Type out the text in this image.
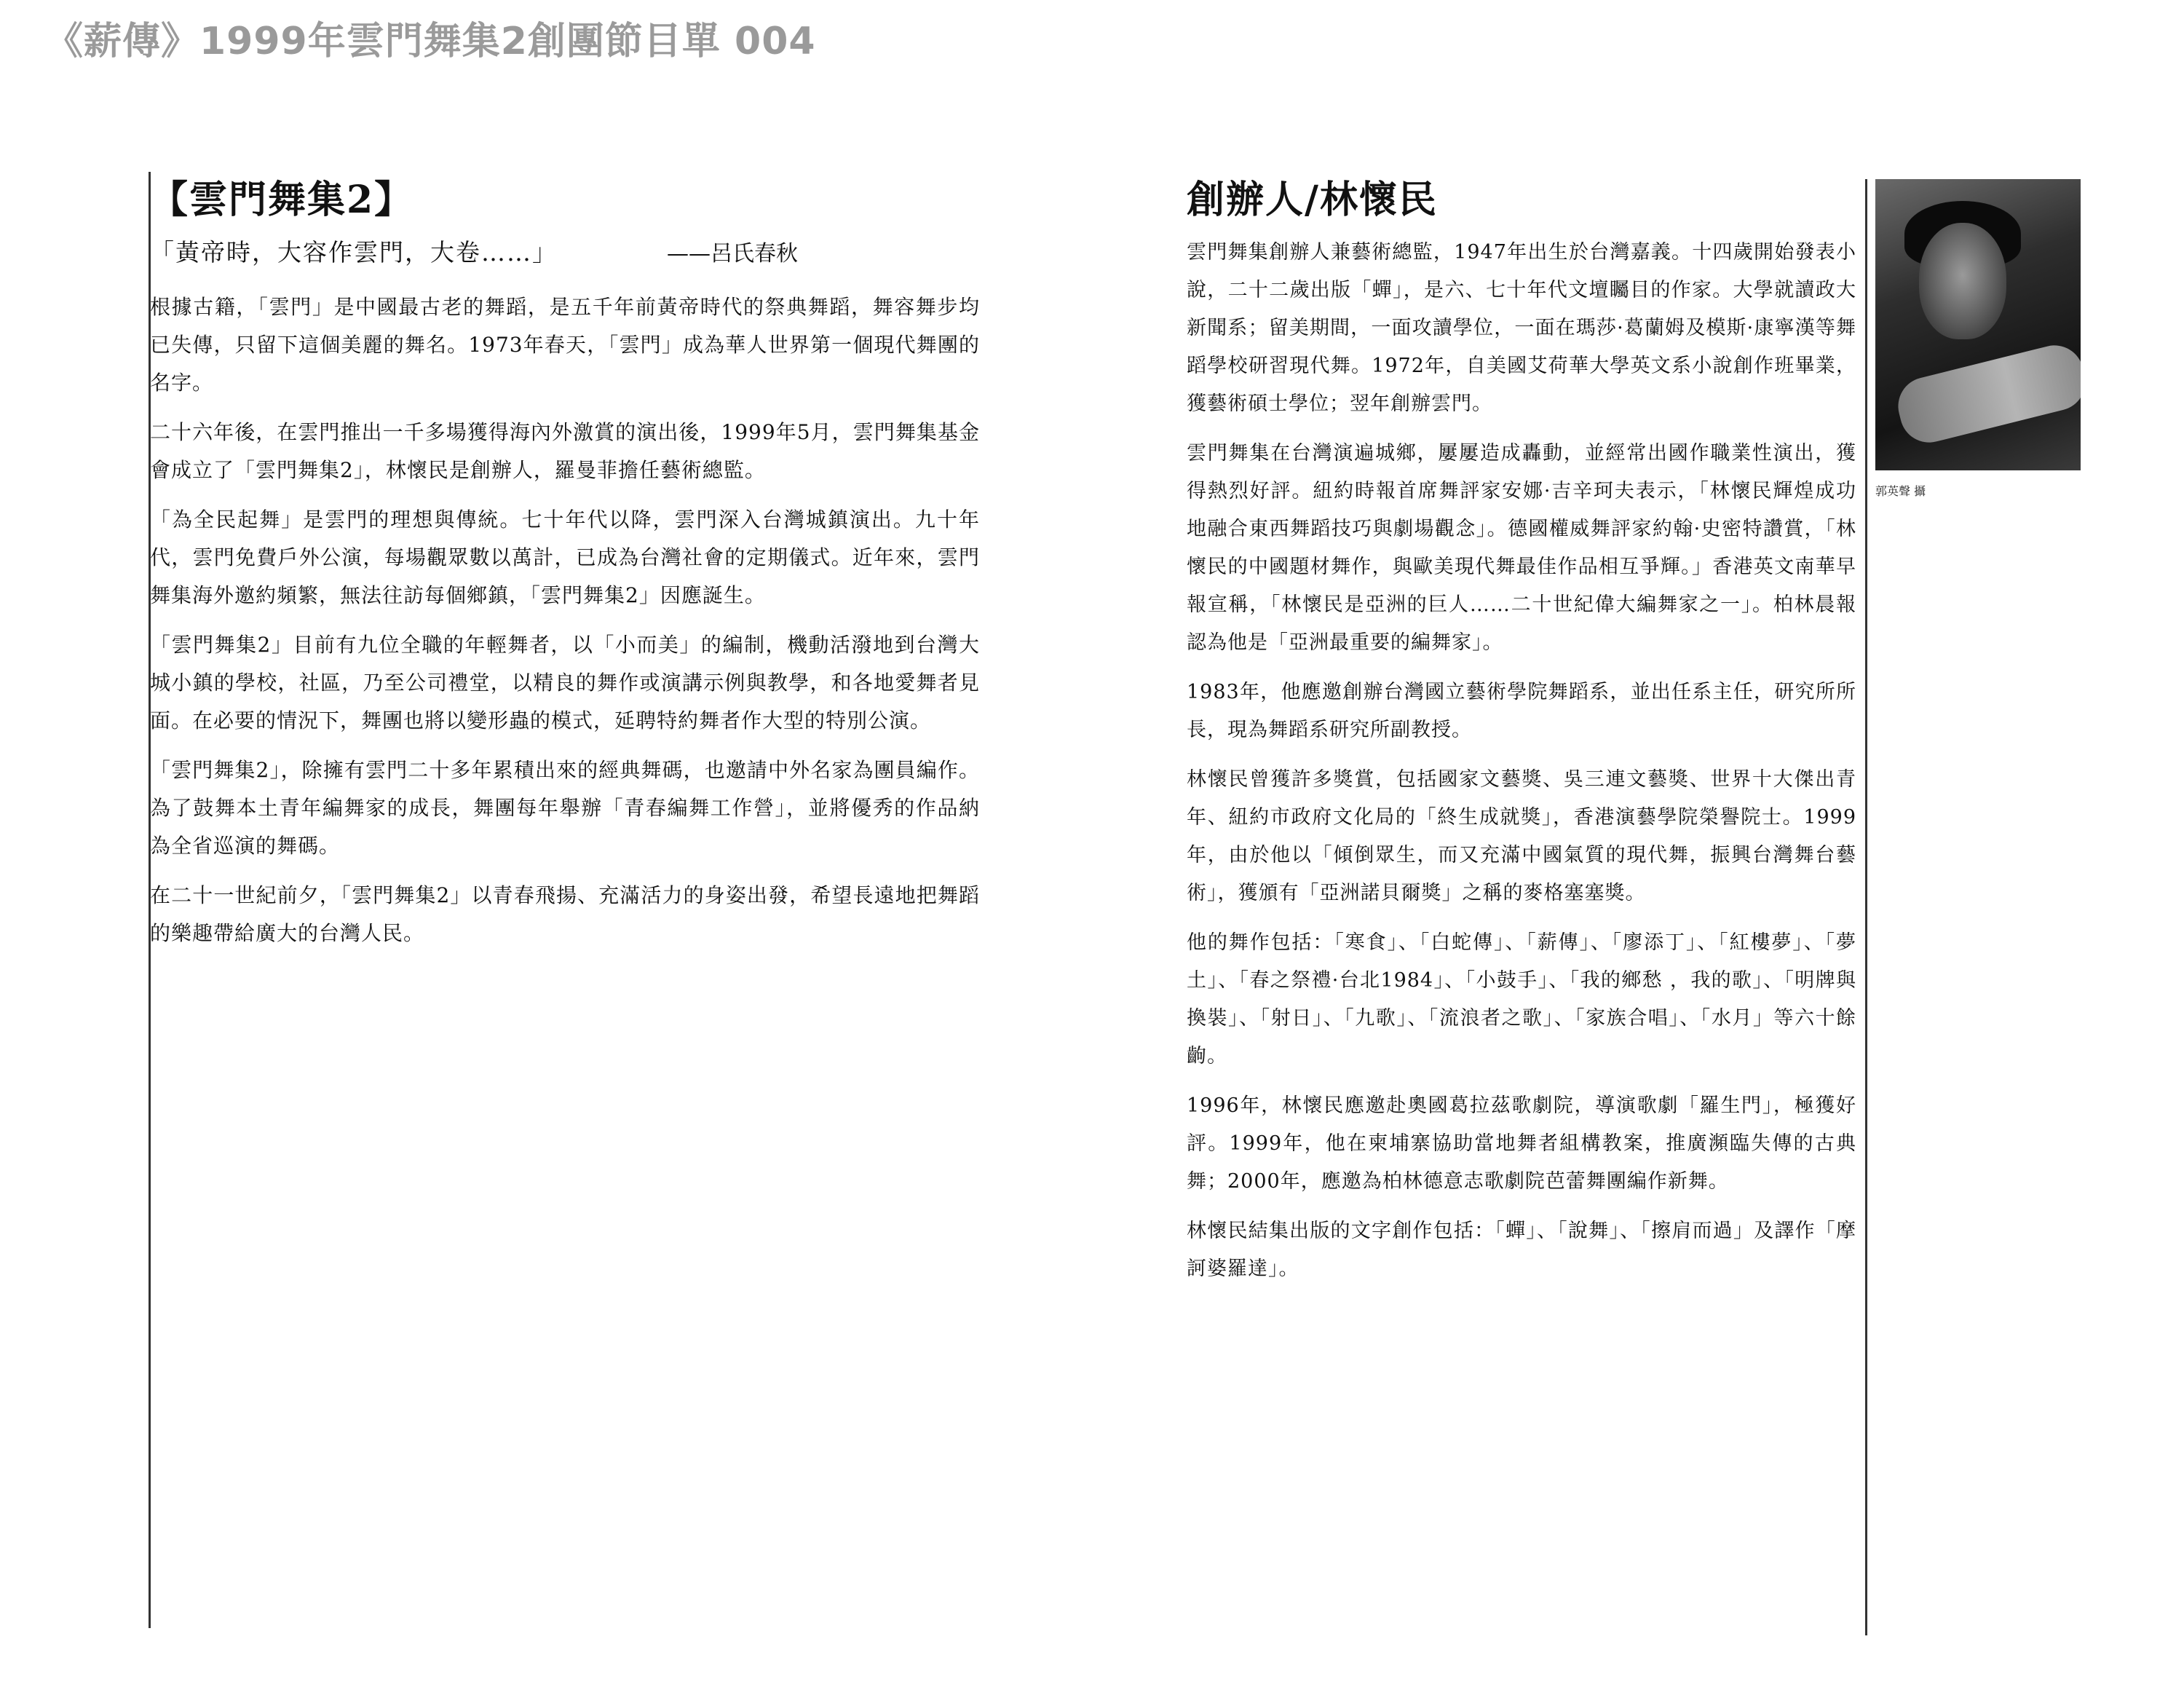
《薪傳》1999年雲門舞集2創團節目單 004
【雲門舞集2】
「黃帝時，大容作雲門，大卷……」	——呂氏春秋

根據古籍，「雲門」是中國最古老的舞蹈，是五千年前黃帝時代的祭典舞蹈，舞容舞步均已失傳，只留下這個美麗的舞名。1973年春天，「雲門」成為華人世界第一個現代舞團的名字。

二十六年後，在雲門推出一千多場獲得海內外激賞的演出後，1999年5月，雲門舞集基金會成立了「雲門舞集2」，林懷民是創辦人，羅曼菲擔任藝術總監。

「為全民起舞」是雲門的理想與傳統。七十年代以降，雲門深入台灣城鎮演出。九十年代，雲門免費戶外公演，每場觀眾數以萬計，已成為台灣社會的定期儀式。近年來，雲門舞集海外邀約頻繁，無法往訪每個鄉鎮，「雲門舞集2」因應誕生。

「雲門舞集2」目前有九位全職的年輕舞者，以「小而美」的編制，機動活潑地到台灣大城小鎮的學校，社區，乃至公司禮堂，以精良的舞作或演講示例與教學，和各地愛舞者見面。在必要的情況下，舞團也將以變形蟲的模式，延聘特約舞者作大型的特別公演。

「雲門舞集2」，除擁有雲門二十多年累積出來的經典舞碼，也邀請中外名家為團員編作。為了鼓舞本土青年編舞家的成長，舞團每年舉辦「青春編舞工作營」，並將優秀的作品納為全省巡演的舞碼。

在二十一世紀前夕，「雲門舞集2」以青春飛揚、充滿活力的身姿出發，希望長遠地把舞蹈的樂趣帶給廣大的台灣人民。

創辦人/林懷民

雲門舞集創辦人兼藝術總監，1947年出生於台灣嘉義。十四歲開始發表小說，二十二歲出版「蟬」，是六、七十年代文壇矚目的作家。大學就讀政大新聞系；留美期間，一面攻讀學位，一面在瑪莎·葛蘭姆及模斯·康寧漢等舞蹈學校研習現代舞。1972年，自美國艾荷華大學英文系小說創作班畢業，獲藝術碩士學位；翌年創辦雲門。

雲門舞集在台灣演遍城鄉，屢屢造成轟動，並經常出國作職業性演出，獲得熱烈好評。紐約時報首席舞評家安娜·吉辛珂夫表示，「林懷民輝煌成功地融合東西舞蹈技巧與劇場觀念」。德國權威舞評家約翰·史密特讚賞，「林懷民的中國題材舞作，與歐美現代舞最佳作品相互爭輝。」香港英文南華早報宣稱，「林懷民是亞洲的巨人……二十世紀偉大編舞家之一」。柏林晨報認為他是「亞洲最重要的編舞家」。

1983年，他應邀創辦台灣國立藝術學院舞蹈系，並出任系主任，研究所所長，現為舞蹈系研究所副教授。

林懷民曾獲許多獎賞，包括國家文藝獎、吳三連文藝獎、世界十大傑出青年、紐約市政府文化局的「終生成就獎」，香港演藝學院榮譽院士。1999年，由於他以「傾倒眾生，而又充滿中國氣質的現代舞，振興台灣舞台藝術」，獲頒有「亞洲諾貝爾獎」之稱的麥格塞塞獎。

他的舞作包括：「寒食」、「白蛇傳」、「薪傳」、「廖添丁」、「紅樓夢」、「夢土」、「春之祭禮·台北1984」、「小鼓手」、「我的鄉愁 ，我的歌」、「明牌與換裝」、「射日」、「九歌」、「流浪者之歌」、「家族合唱」、「水月」等六十餘齣。

1996年，林懷民應邀赴奧國葛拉茲歌劇院，導演歌劇「羅生門」，極獲好評。1999年，他在柬埔寨協助當地舞者組構教案，推廣瀕臨失傳的古典舞；2000年，應邀為柏林德意志歌劇院芭蕾舞團編作新舞。

林懷民結集出版的文字創作包括：「蟬」、「說舞」、「擦肩而過」及譯作「摩訶婆羅達」。

郭英聲 攝
